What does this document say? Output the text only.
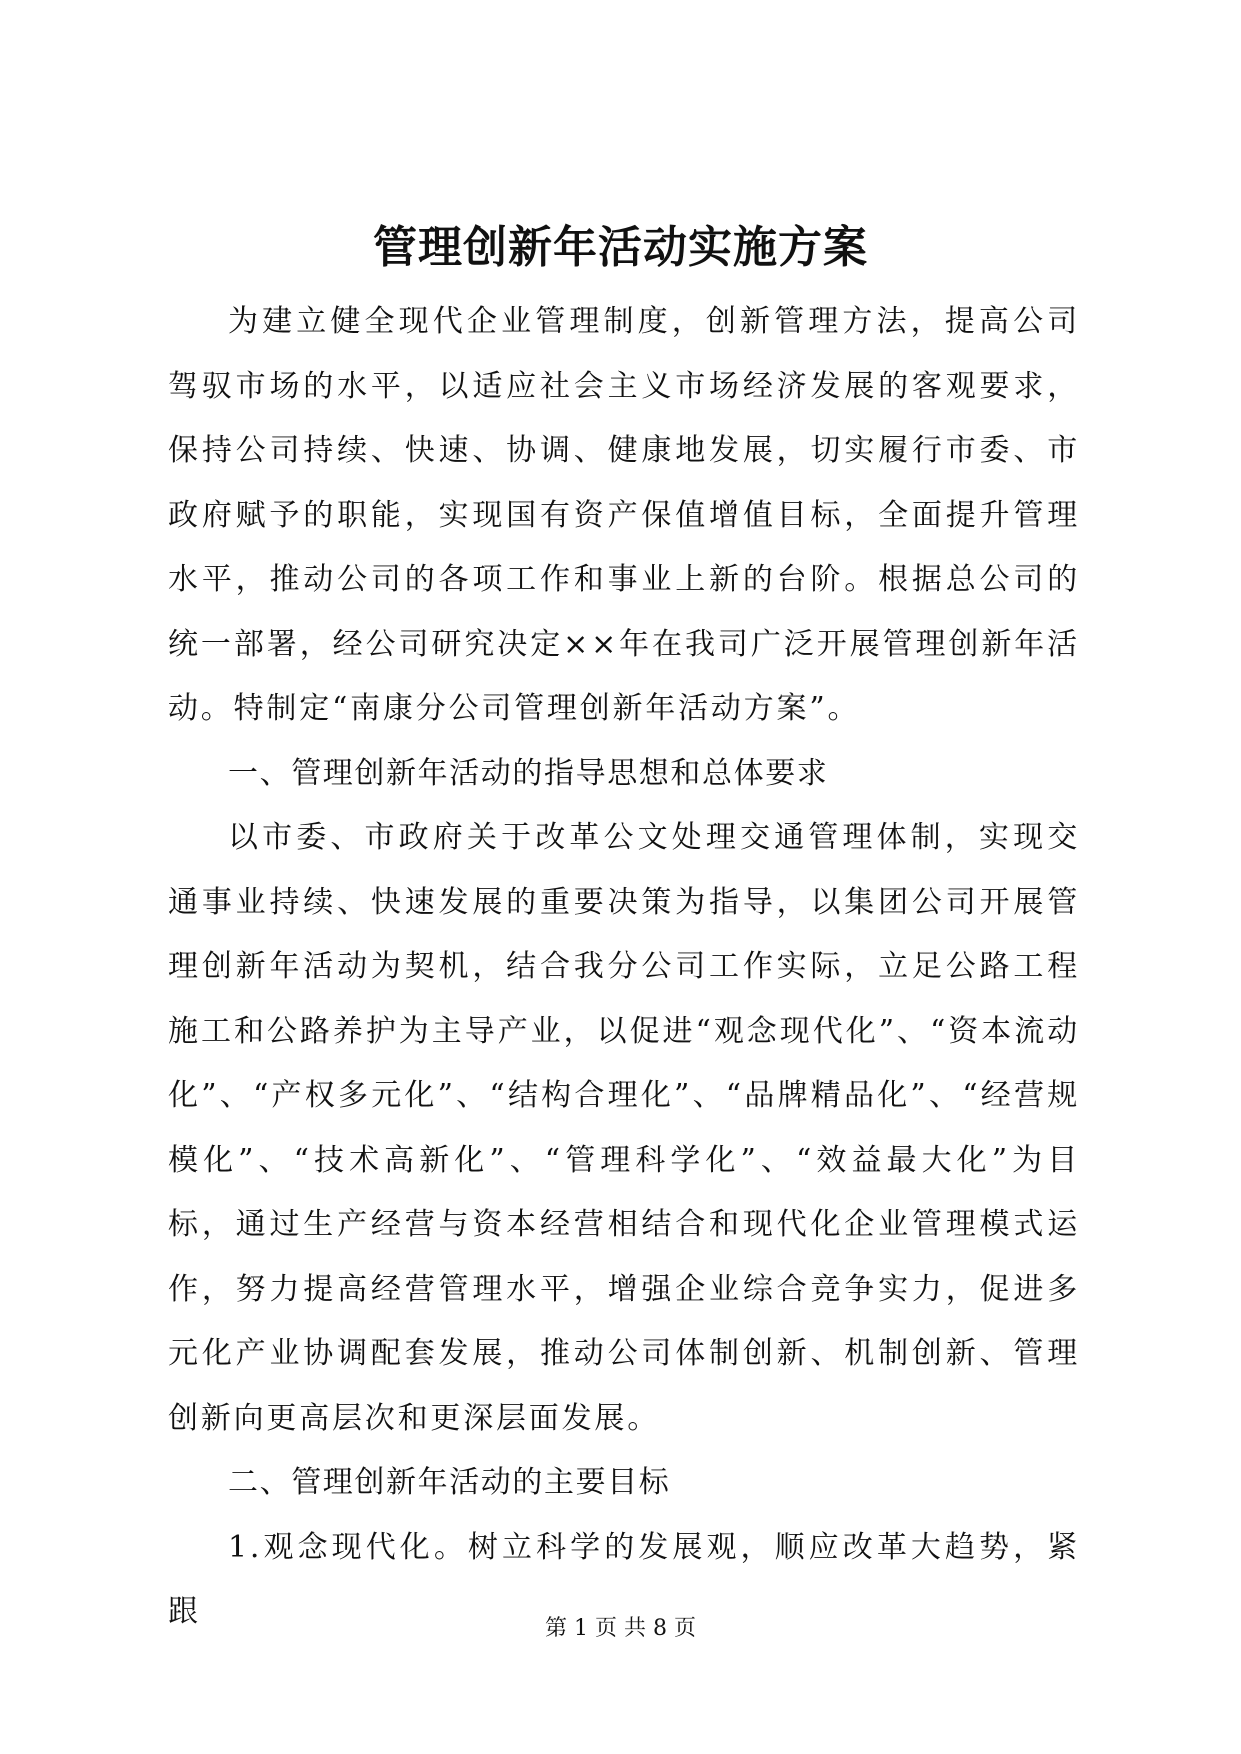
管理创新年活动实施方案

为建立健全现代企业管理制度，创新管理方法，提高公司驾驭市场的水平，以适应社会主义市场经济发展的客观要求，保持公司持续、快速、协调、健康地发展，切实履行市委、市政府赋予的职能，实现国有资产保值增值目标，全面提升管理水平，推动公司的各项工作和事业上新的台阶。根据总公司的统一部署，经公司研究决定××年在我司广泛开展管理创新年活动。特制定“南康分公司管理创新年活动方案”。

一、管理创新年活动的指导思想和总体要求

以市委、市政府关于改革公文处理交通管理体制，实现交通事业持续、快速发展的重要决策为指导，以集团公司开展管理创新年活动为契机，结合我分公司工作实际，立足公路工程施工和公路养护为主导产业，以促进“观念现代化”、“资本流动化”、“产权多元化”、“结构合理化”、“品牌精品化”、“经营规模化”、“技术高新化”、“管理科学化”、“效益最大化”为目标，通过生产经营与资本经营相结合和现代化企业管理模式运作，努力提高经营管理水平，增强企业综合竞争实力，促进多元化产业协调配套发展，推动公司体制创新、机制创新、管理创新向更高层次和更深层面发展。

二、管理创新年活动的主要目标

1.观念现代化。树立科学的发展观，顺应改革大趋势，紧跟	第 1 页 共 8 页
